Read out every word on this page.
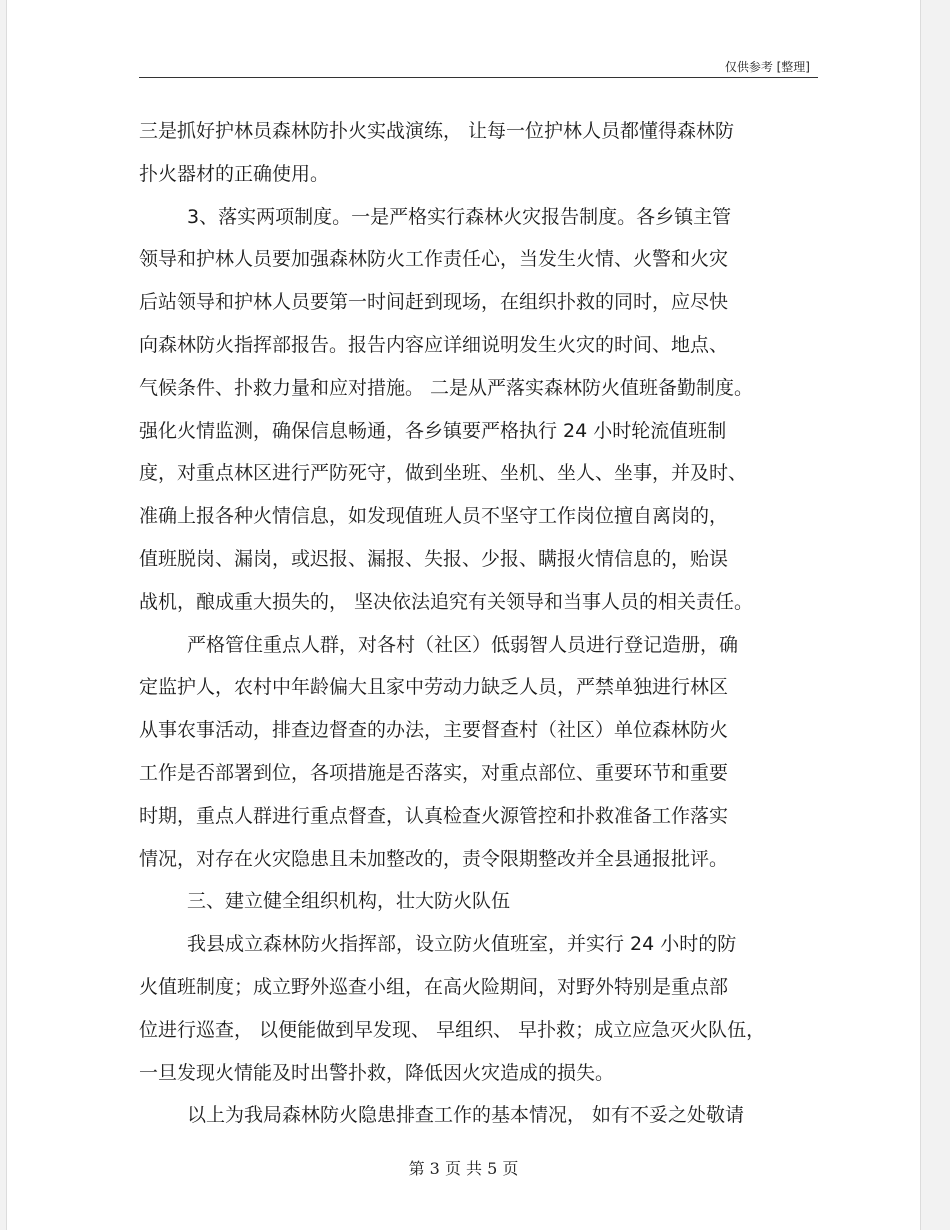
仅供参考 [整理]
三是抓好护林员森林防扑火实战演练， 让每一位护林人员都懂得森林防
扑火器材的正确使用。
3、落实两项制度。一是严格实行森林火灾报告制度。各乡镇主管
领导和护林人员要加强森林防火工作责任心，当发生火情、火警和火灾
后站领导和护林人员要第一时间赶到现场，在组织扑救的同时，应尽快
向森林防火指挥部报告。报告内容应详细说明发生火灾的时间、地点、
气候条件、扑救力量和应对措施。 二是从严落实森林防火值班备勤制度。
强化火情监测，确保信息畅通，各乡镇要严格执行 24 小时轮流值班制
度，对重点林区进行严防死守，做到坐班、坐机、坐人、坐事，并及时、
准确上报各种火情信息，如发现值班人员不坚守工作岗位擅自离岗的，
值班脱岗、漏岗，或迟报、漏报、失报、少报、瞒报火情信息的，贻误
战机，酿成重大损失的， 坚决依法追究有关领导和当事人员的相关责任。
严格管住重点人群，对各村（社区）低弱智人员进行登记造册，确
定监护人，农村中年龄偏大且家中劳动力缺乏人员，严禁单独进行林区
从事农事活动，排查边督查的办法，主要督查村（社区）单位森林防火
工作是否部署到位，各项措施是否落实，对重点部位、重要环节和重要
时期，重点人群进行重点督查，认真检查火源管控和扑救准备工作落实
情况，对存在火灾隐患且未加整改的，责令限期整改并全县通报批评。
三、建立健全组织机构，壮大防火队伍
我县成立森林防火指挥部，设立防火值班室，并实行 24 小时的防
火值班制度；成立野外巡查小组，在高火险期间，对野外特别是重点部
位进行巡查， 以便能做到早发现、 早组织、 早扑救；成立应急灭火队伍，
一旦发现火情能及时出警扑救，降低因火灾造成的损失。
以上为我局森林防火隐患排查工作的基本情况， 如有不妥之处敬请
第 3 页 共 5 页
